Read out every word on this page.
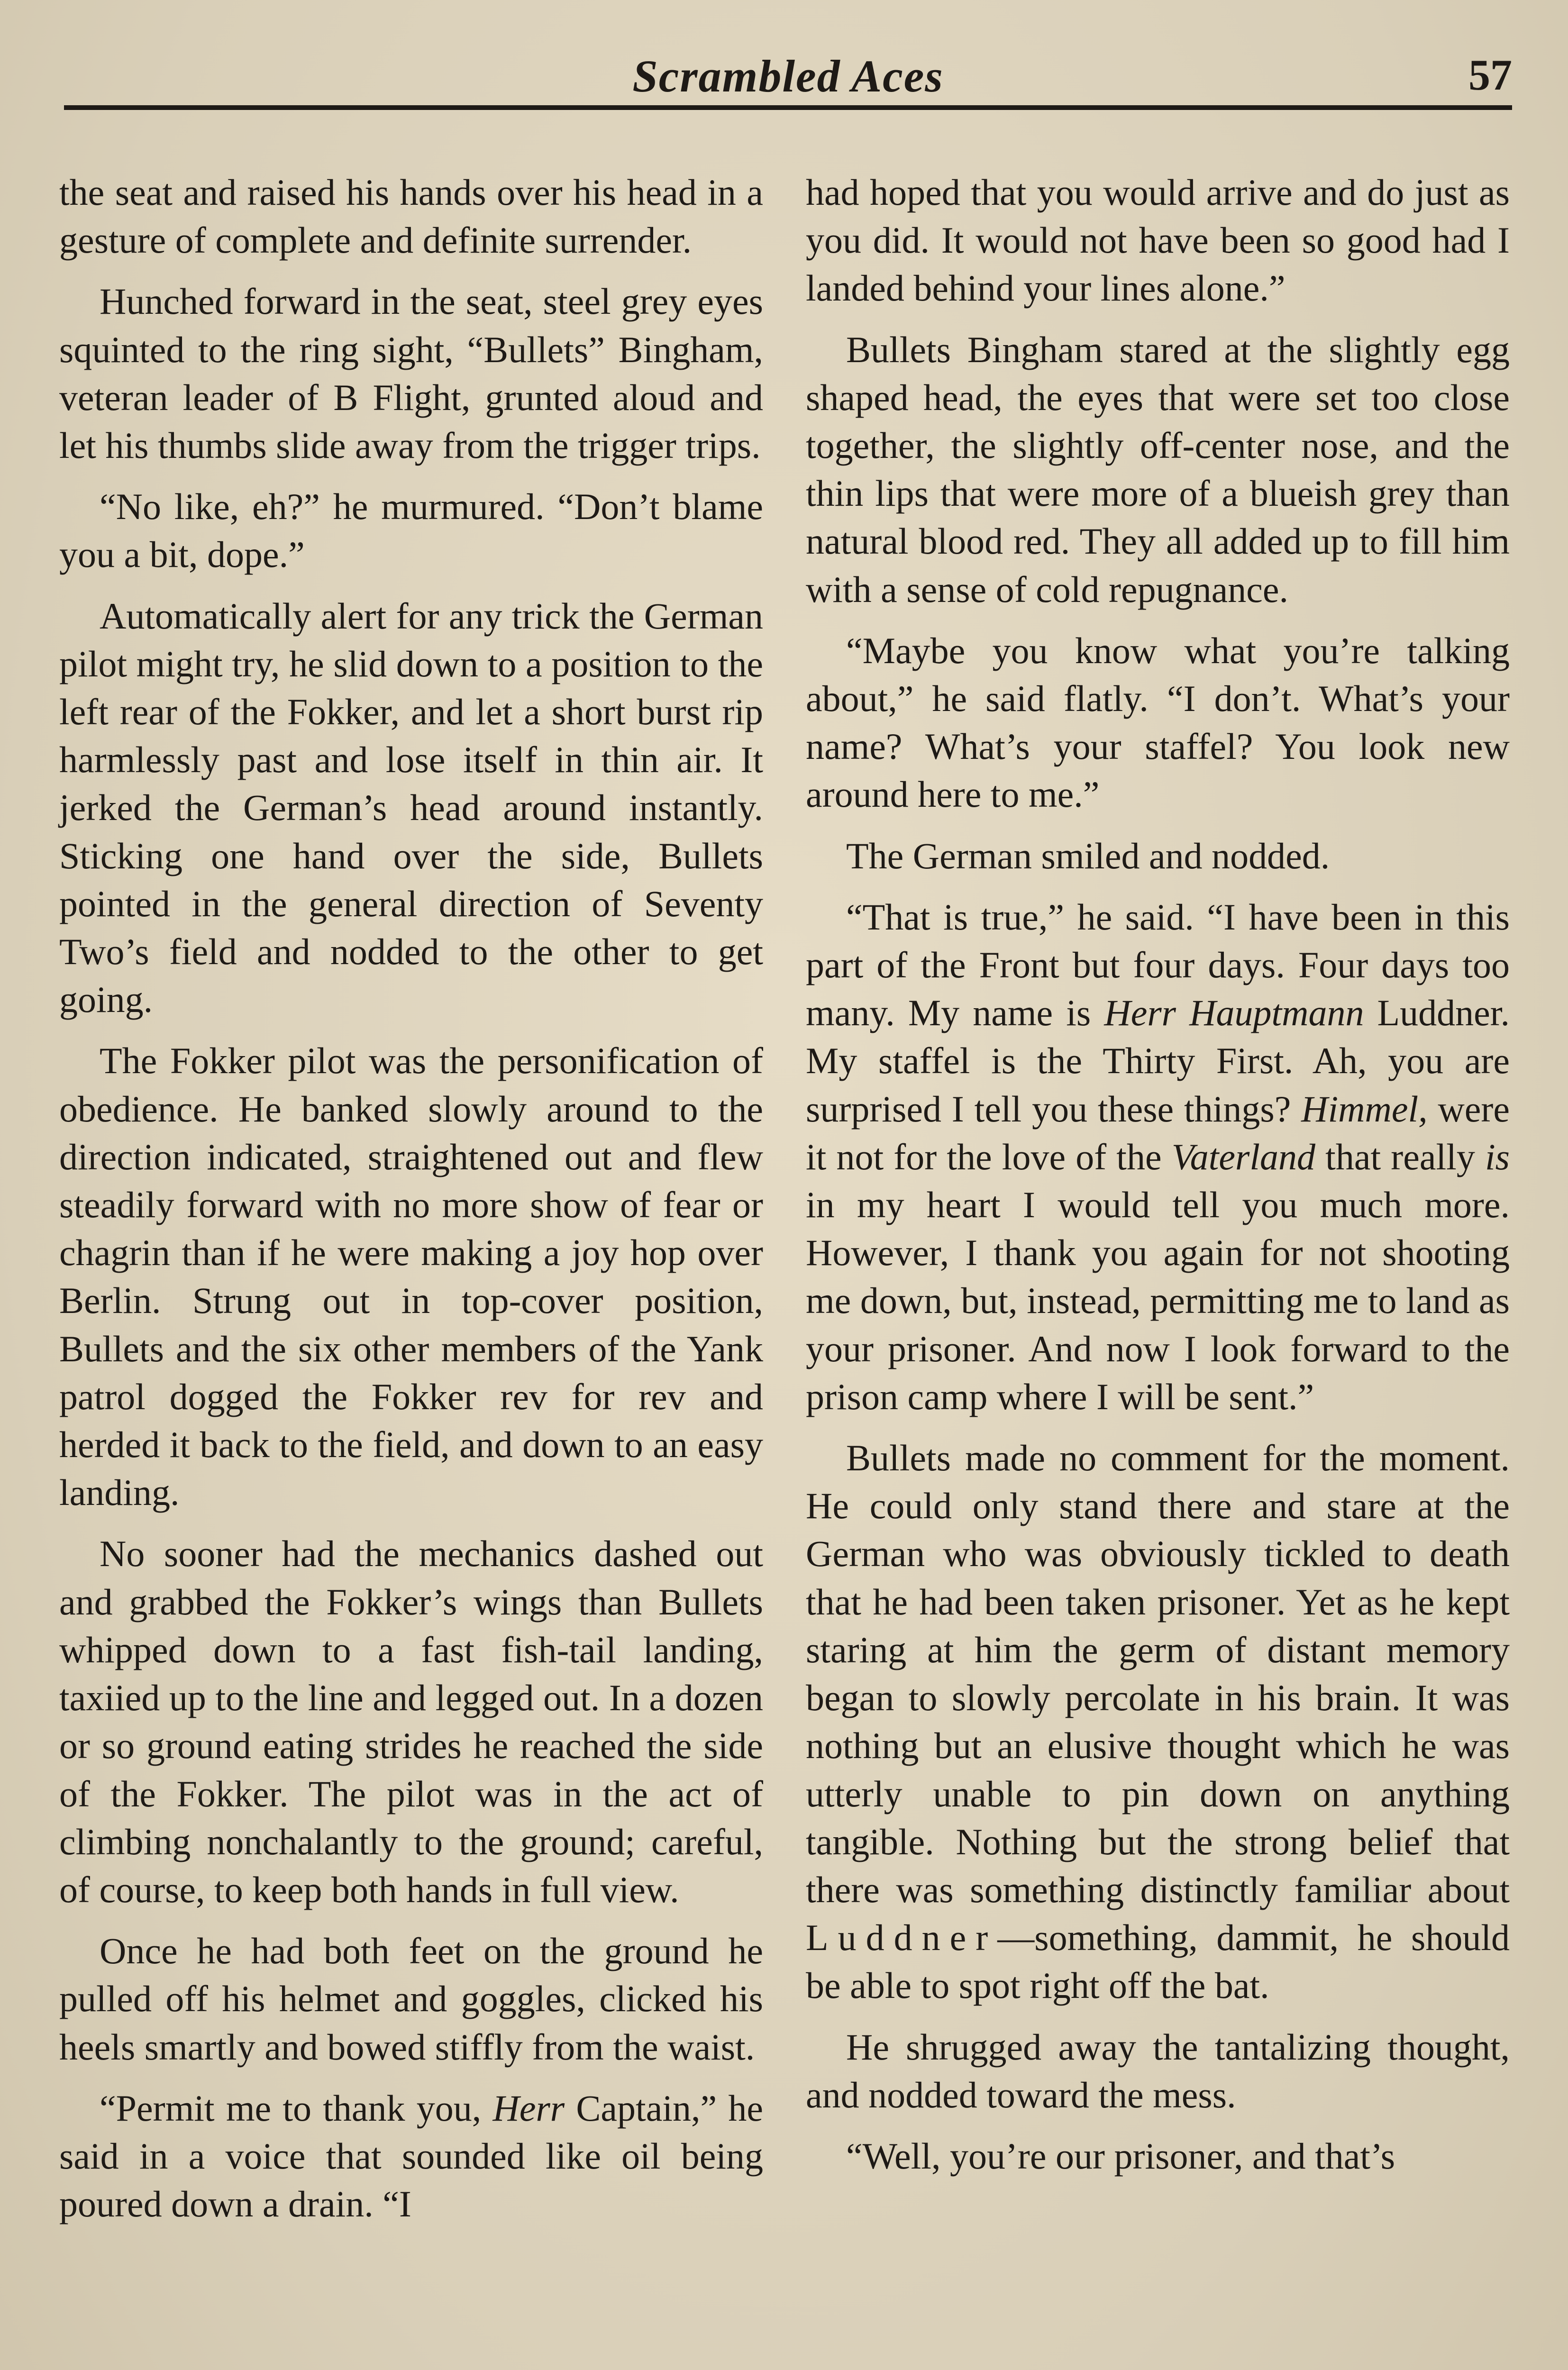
Scrambled Aces	57

the seat and raised his hands over his head in a gesture of complete and definite surrender.

Hunched forward in the seat, steel grey eyes squinted to the ring sight, “Bullets” Bingham, veteran leader of B Flight, grunted aloud and let his thumbs slide away from the trigger trips.

“No like, eh?” he murmured. “Don’t blame you a bit, dope.”

Automatically alert for any trick the German pilot might try, he slid down to a position to the left rear of the Fokker, and let a short burst rip harmlessly past and lose itself in thin air. It jerked the German’s head around instantly. Sticking one hand over the side, Bullets pointed in the general direction of Seventy Two’s field and nodded to the other to get going.

The Fokker pilot was the personification of obedience. He banked slowly around to the direction indicated, straightened out and flew steadily forward with no more show of fear or chagrin than if he were making a joy hop over Berlin. Strung out in top-cover position, Bullets and the six other members of the Yank patrol dogged the Fokker rev for rev and herded it back to the field, and down to an easy landing.

No sooner had the mechanics dashed out and grabbed the Fokker’s wings than Bullets whipped down to a fast fish-tail landing, taxiied up to the line and legged out. In a dozen or so ground eating strides he reached the side of the Fokker. The pilot was in the act of climbing nonchalantly to the ground; careful, of course, to keep both hands in full view.

Once he had both feet on the ground he pulled off his helmet and goggles, clicked his heels smartly and bowed stiffly from the waist.

“Permit me to thank you, Herr Captain,” he said in a voice that sounded like oil being poured down a drain. “I

had hoped that you would arrive and do just as you did. It would not have been so good had I landed behind your lines alone.”

Bullets Bingham stared at the slightly egg shaped head, the eyes that were set too close together, the slightly off-center nose, and the thin lips that were more of a blueish grey than natural blood red. They all added up to fill him with a sense of cold repugnance.

“Maybe you know what you’re talking about,” he said flatly. “I don’t. What’s your name? What’s your staffel? You look new around here to me.”

The German smiled and nodded.

“That is true,” he said. “I have been in this part of the Front but four days. Four days too many. My name is Herr Hauptmann Luddner. My staffel is the Thirty First. Ah, you are surprised I tell you these things? Himmel, were it not for the love of the Vaterland that really is in my heart I would tell you much more. However, I thank you again for not shooting me down, but, instead, permitting me to land as your prisoner. And now I look forward to the prison camp where I will be sent.”

Bullets made no comment for the moment. He could only stand there and stare at the German who was obviously tickled to death that he had been taken prisoner. Yet as he kept staring at him the germ of distant memory began to slowly percolate in his brain. It was nothing but an elusive thought which he was utterly unable to pin down on anything tangible. Nothing but the strong belief that there was something distinctly familiar about Luddner—something, dammit, he should be able to spot right off the bat.

He shrugged away the tantalizing thought, and nodded toward the mess.

“Well, you’re our prisoner, and that’s
